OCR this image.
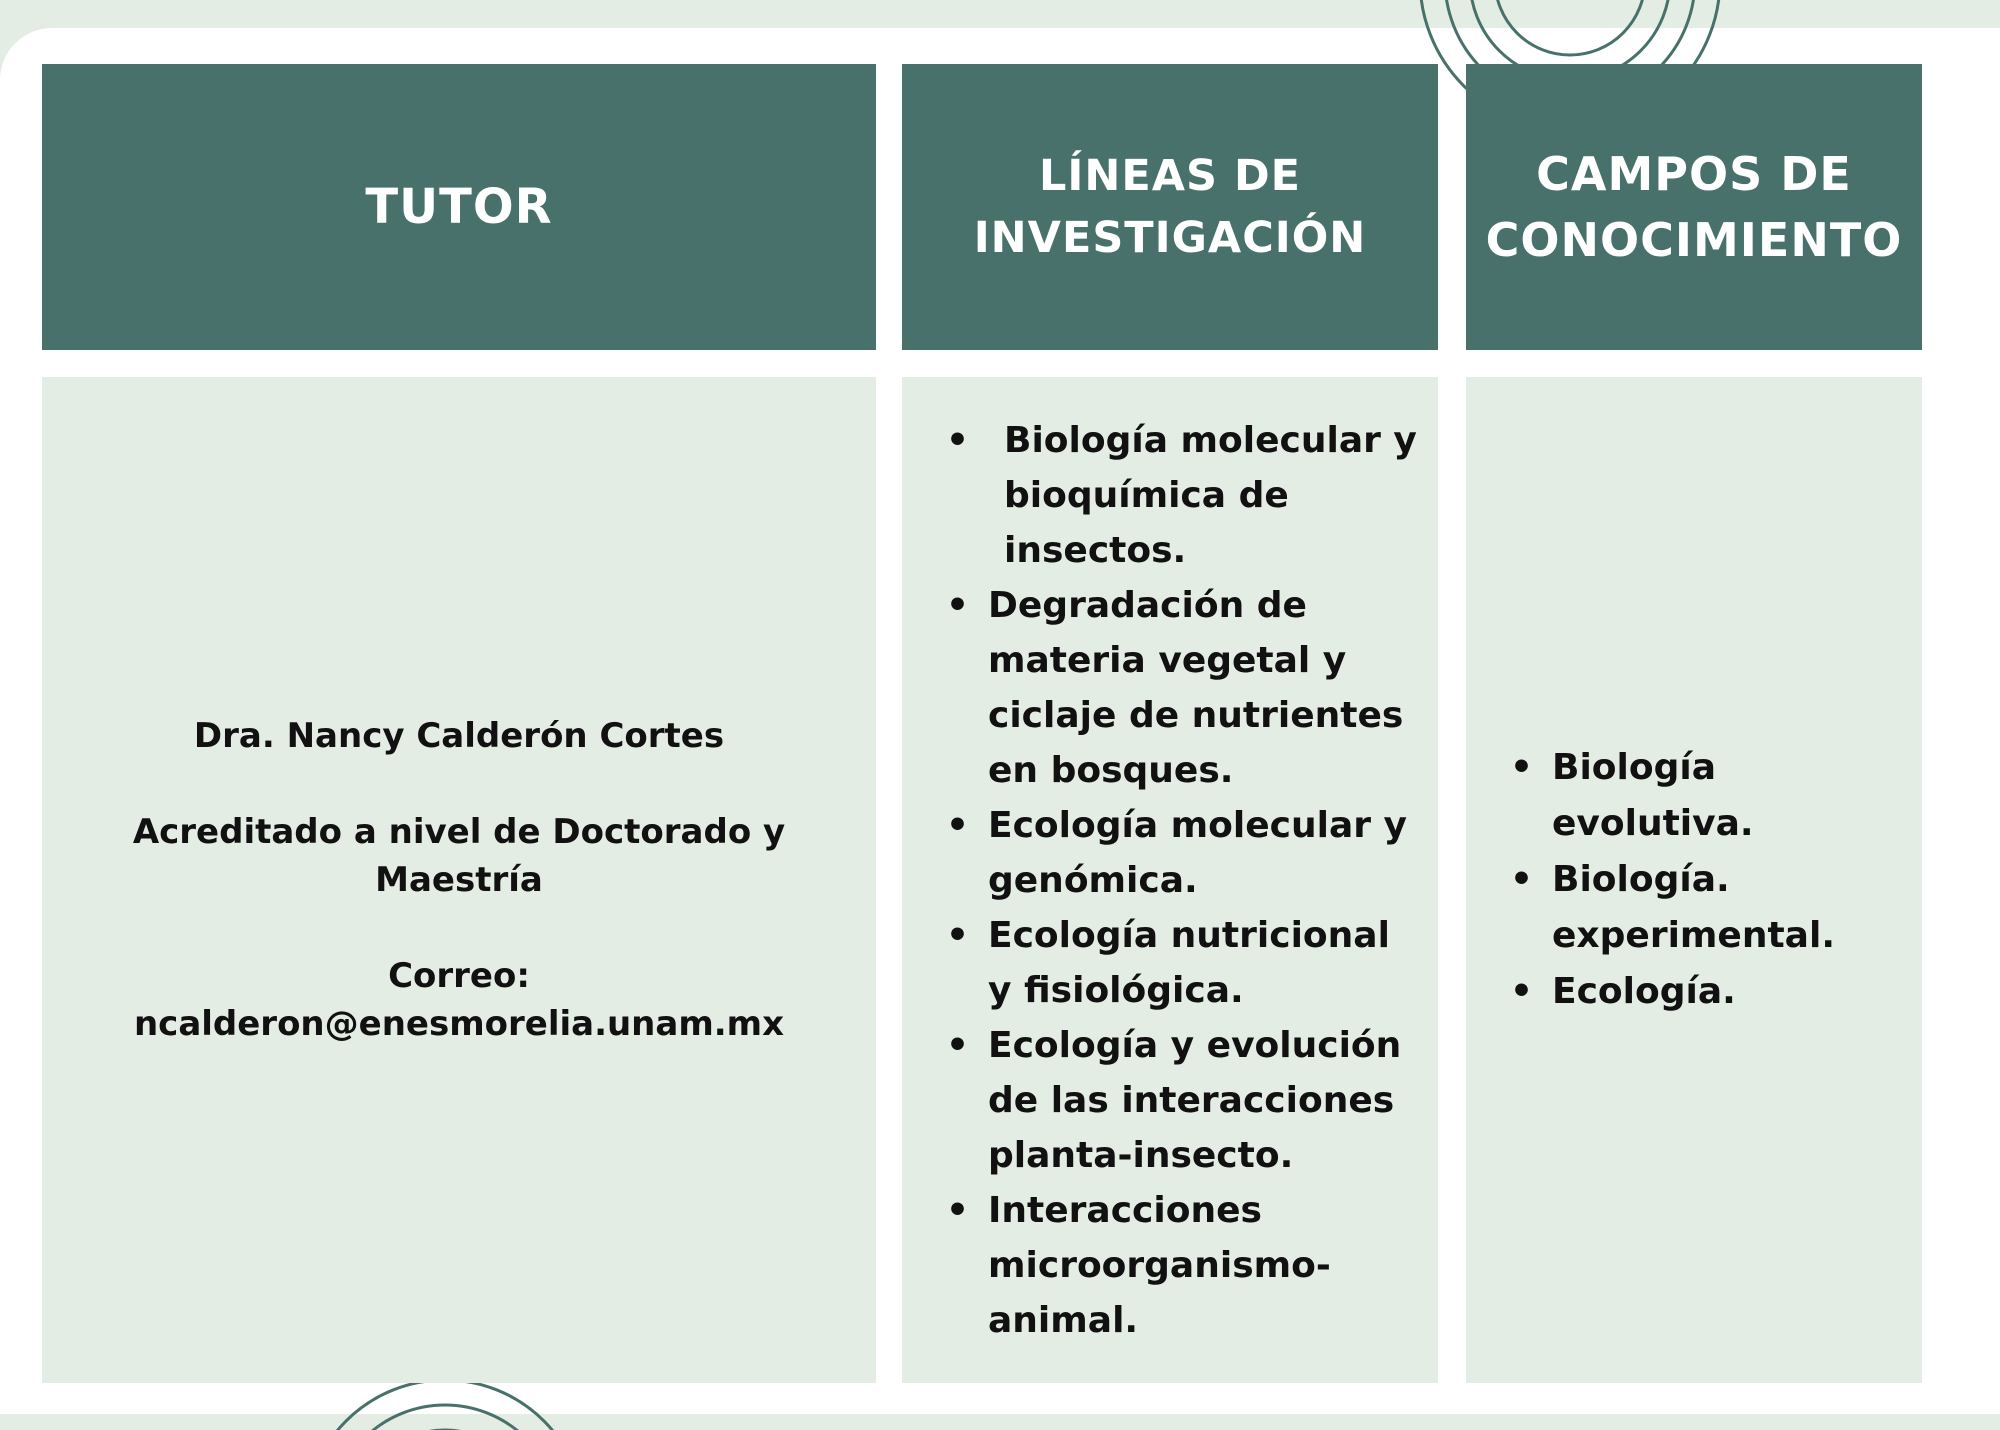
TUTOR
LÍNEAS DE
INVESTIGACIÓN
CAMPOS DE
CONOCIMIENTO

Dra. Nancy Calderón Cortes

Acreditado a nivel de Doctorado y Maestría

Correo:

ncalderon@enesmorelia.unam.mx

• Biología molecular y bioquímica de insectos.
• Degradación de materia vegetal y ciclaje de nutrientes en bosques.
• Ecología molecular y genómica.
• Ecología nutricional y fisiológica.
• Ecología y evolución de las interacciones planta-insecto.
• Interacciones microorganismo-animal.
• Biología evolutiva.
• Biología. experimental.
• Ecología.
